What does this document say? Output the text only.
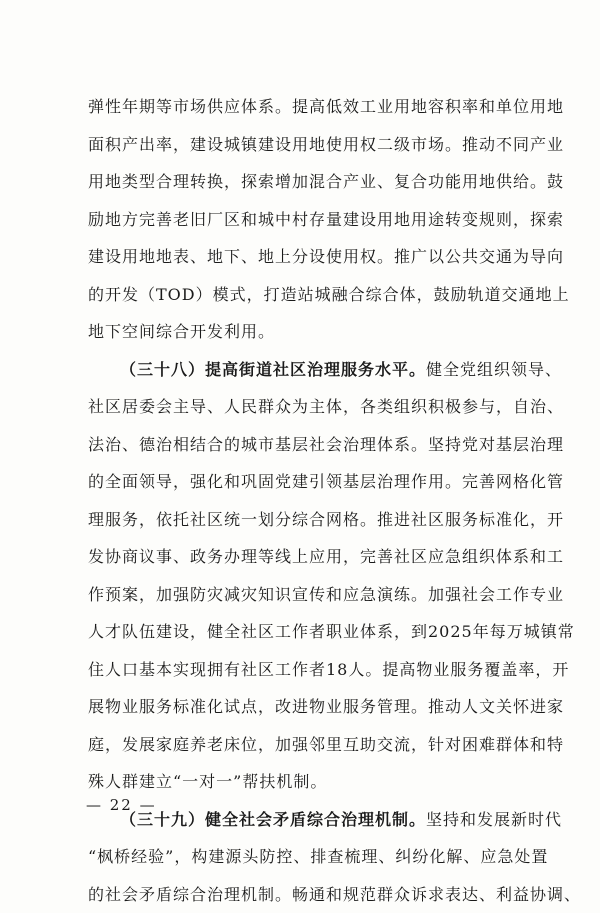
弹性年期等市场供应体系。提高低效工业用地容积率和单位用地
面积产出率，建设城镇建设用地使用权二级市场。推动不同产业
用地类型合理转换，探索增加混合产业、复合功能用地供给。鼓
励地方完善老旧厂区和城中村存量建设用地用途转变规则，探索
建设用地地表、地下、地上分设使用权。推广以公共交通为导向
的开发（TOD）模式，打造站城融合综合体，鼓励轨道交通地上
地下空间综合开发利用。
（三十八）提高街道社区治理服务水平。健全党组织领导、
社区居委会主导、人民群众为主体，各类组织积极参与，自治、
法治、德治相结合的城市基层社会治理体系。坚持党对基层治理
的全面领导，强化和巩固党建引领基层治理作用。完善网格化管
理服务，依托社区统一划分综合网格。推进社区服务标准化，开
发协商议事、政务办理等线上应用，完善社区应急组织体系和工
作预案，加强防灾减灾知识宣传和应急演练。加强社会工作专业
人才队伍建设，健全社区工作者职业体系，到2025年每万城镇常
住人口基本实现拥有社区工作者18人。提高物业服务覆盖率，开
展物业服务标准化试点，改进物业服务管理。推动人文关怀进家
庭，发展家庭养老床位，加强邻里互助交流，针对困难群体和特
殊人群建立“一对一”帮扶机制。
（三十九）健全社会矛盾综合治理机制。坚持和发展新时代
“枫桥经验”，构建源头防控、排查梳理、纠纷化解、应急处置
的社会矛盾综合治理机制。畅通和规范群众诉求表达、利益协调、
— 22 —
